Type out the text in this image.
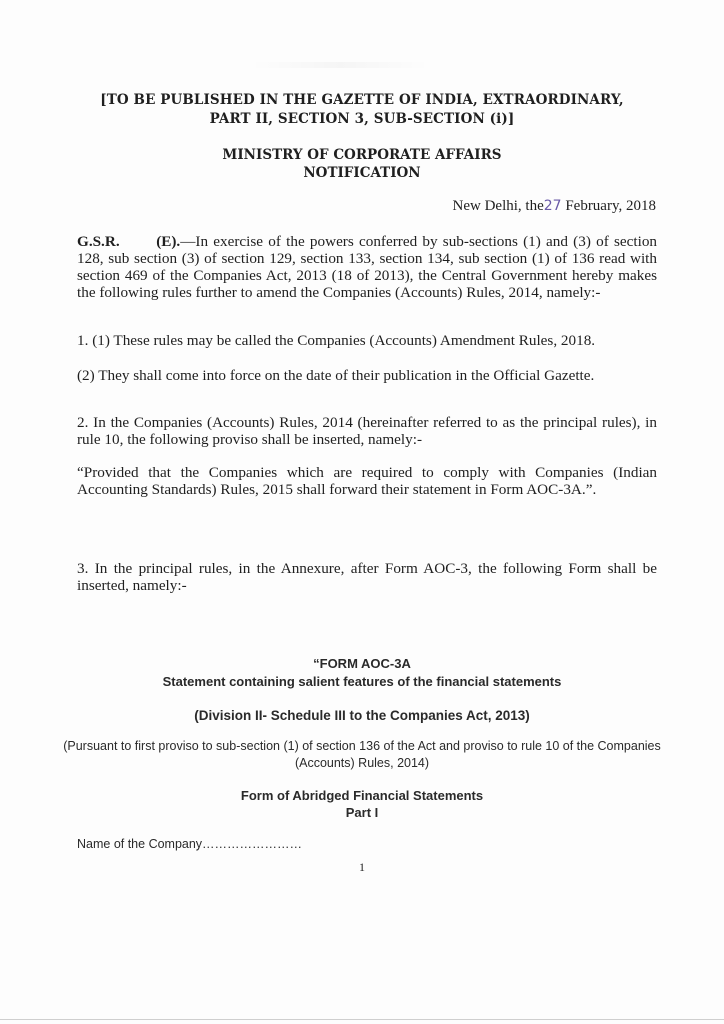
[TO BE PUBLISHED IN THE GAZETTE OF INDIA, EXTRAORDINARY,
PART II, SECTION 3, SUB-SECTION (i)]
MINISTRY OF CORPORATE AFFAIRS
NOTIFICATION
New Delhi, the27 February, 2018
G.S.R. (E).—In exercise of the powers conferred by sub-sections (1) and (3) of section 128, sub section (3) of section 129, section 133, section 134, sub section (1) of 136 read with section 469 of the Companies Act, 2013 (18 of 2013), the Central Government hereby makes the following rules further to amend the Companies (Accounts) Rules, 2014, namely:-
1. (1) These rules may be called the Companies (Accounts) Amendment Rules, 2018.
(2) They shall come into force on the date of their publication in the Official Gazette.
2. In the Companies (Accounts) Rules, 2014 (hereinafter referred to as the principal rules), in rule 10, the following proviso shall be inserted, namely:-
“Provided that the Companies which are required to comply with Companies (Indian Accounting Standards) Rules, 2015 shall forward their statement in Form AOC-3A.”.
3. In the principal rules, in the Annexure, after Form AOC-3, the following Form shall be inserted, namely:-
“FORM AOC-3A
Statement containing salient features of the financial statements
(Division II- Schedule III to the Companies Act, 2013)
(Pursuant to first proviso to sub-section (1) of section 136 of the Act and proviso to rule 10 of the Companies (Accounts) Rules, 2014)
Form of Abridged Financial Statements
Part I
Name of the Company……………………
1
